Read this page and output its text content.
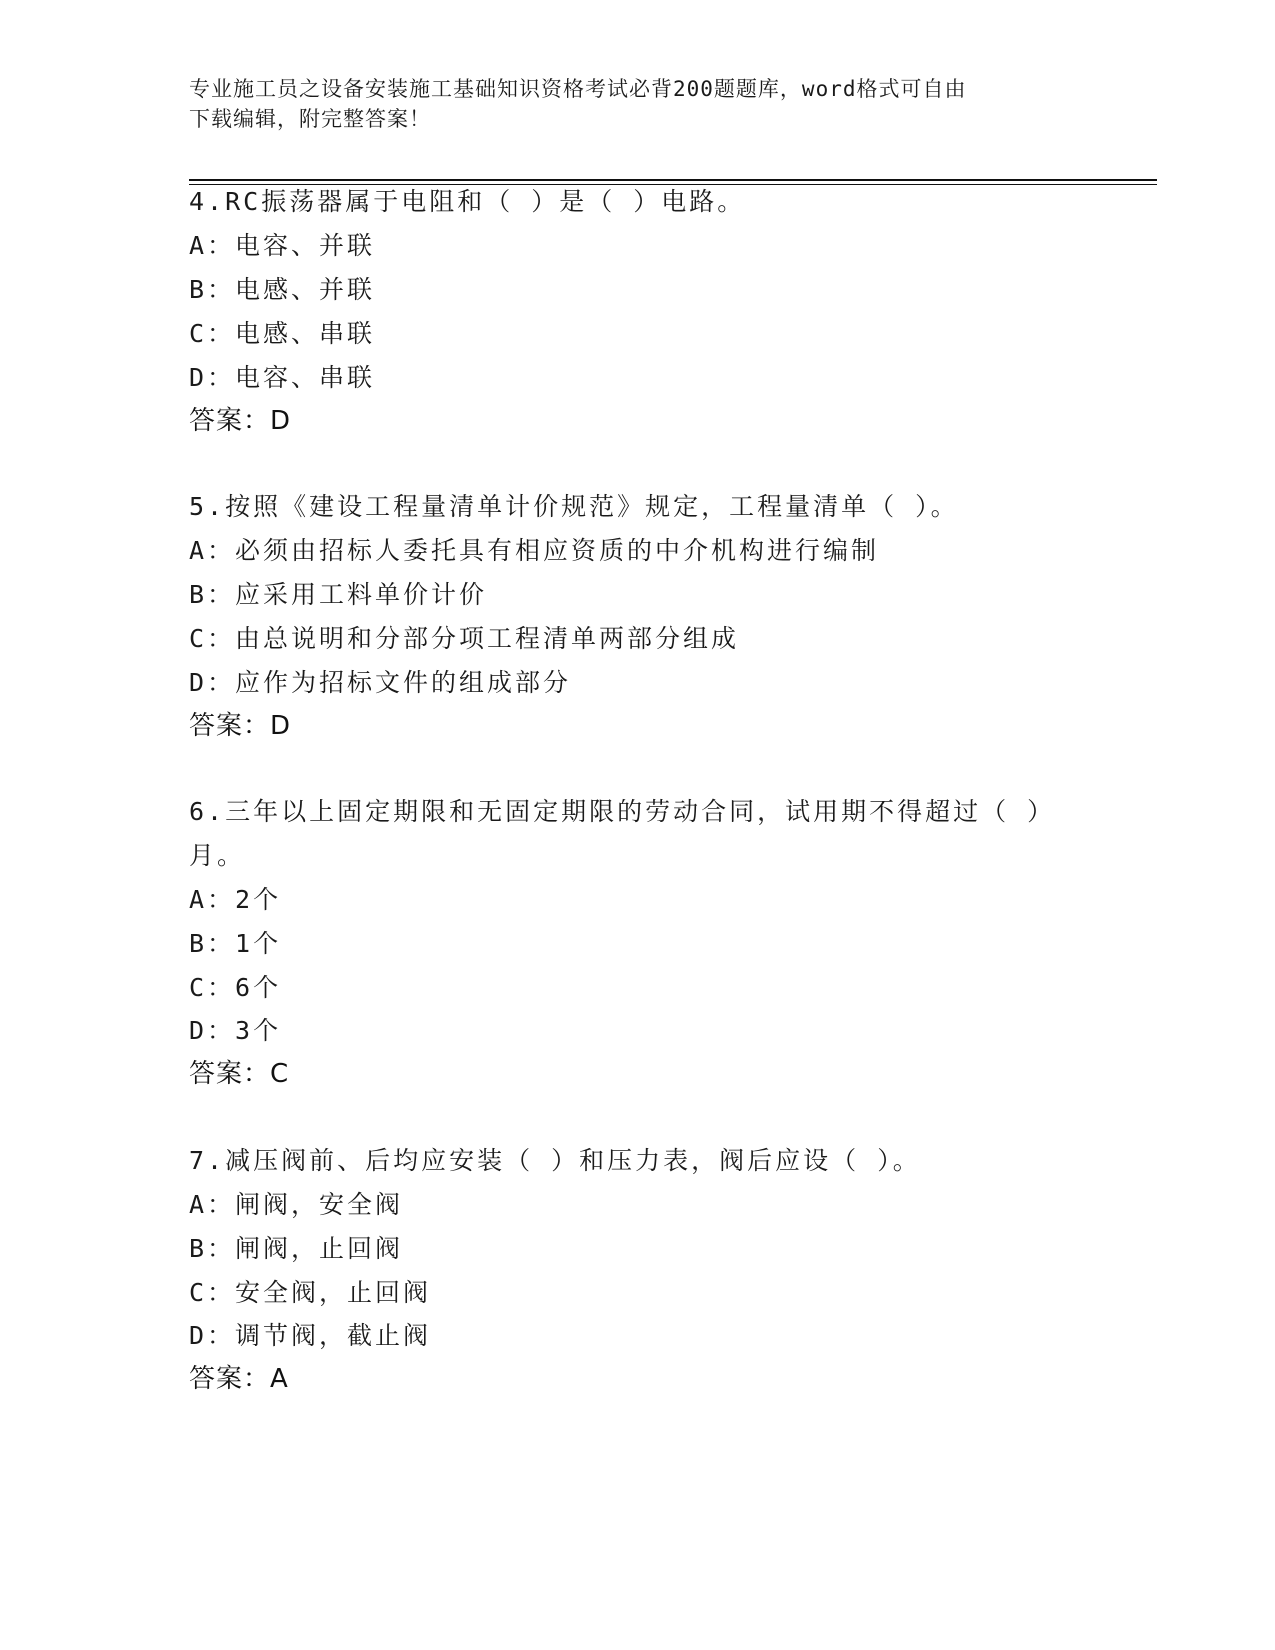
专业施工员之设备安装施工基础知识资格考试必背200题题库，word格式可自由
下载编辑，附完整答案！
4.RC振荡器属于电阻和（ ）是（ ）电路。
A：电容、并联
B：电感、并联
C：电感、串联
D：电容、串联
答案：D
5.按照《建设工程量清单计价规范》规定，工程量清单（ ）。
A：必须由招标人委托具有相应资质的中介机构进行编制
B：应采用工料单价计价
C：由总说明和分部分项工程清单两部分组成
D：应作为招标文件的组成部分
答案：D
6.三年以上固定期限和无固定期限的劳动合同，试用期不得超过（ ）
月。
A：2个
B：1个
C：6个
D：3个
答案：C
7.减压阀前、后均应安装（ ）和压力表，阀后应设（ ）。
A：闸阀，安全阀
B：闸阀，止回阀
C：安全阀，止回阀
D：调节阀，截止阀
答案：A
